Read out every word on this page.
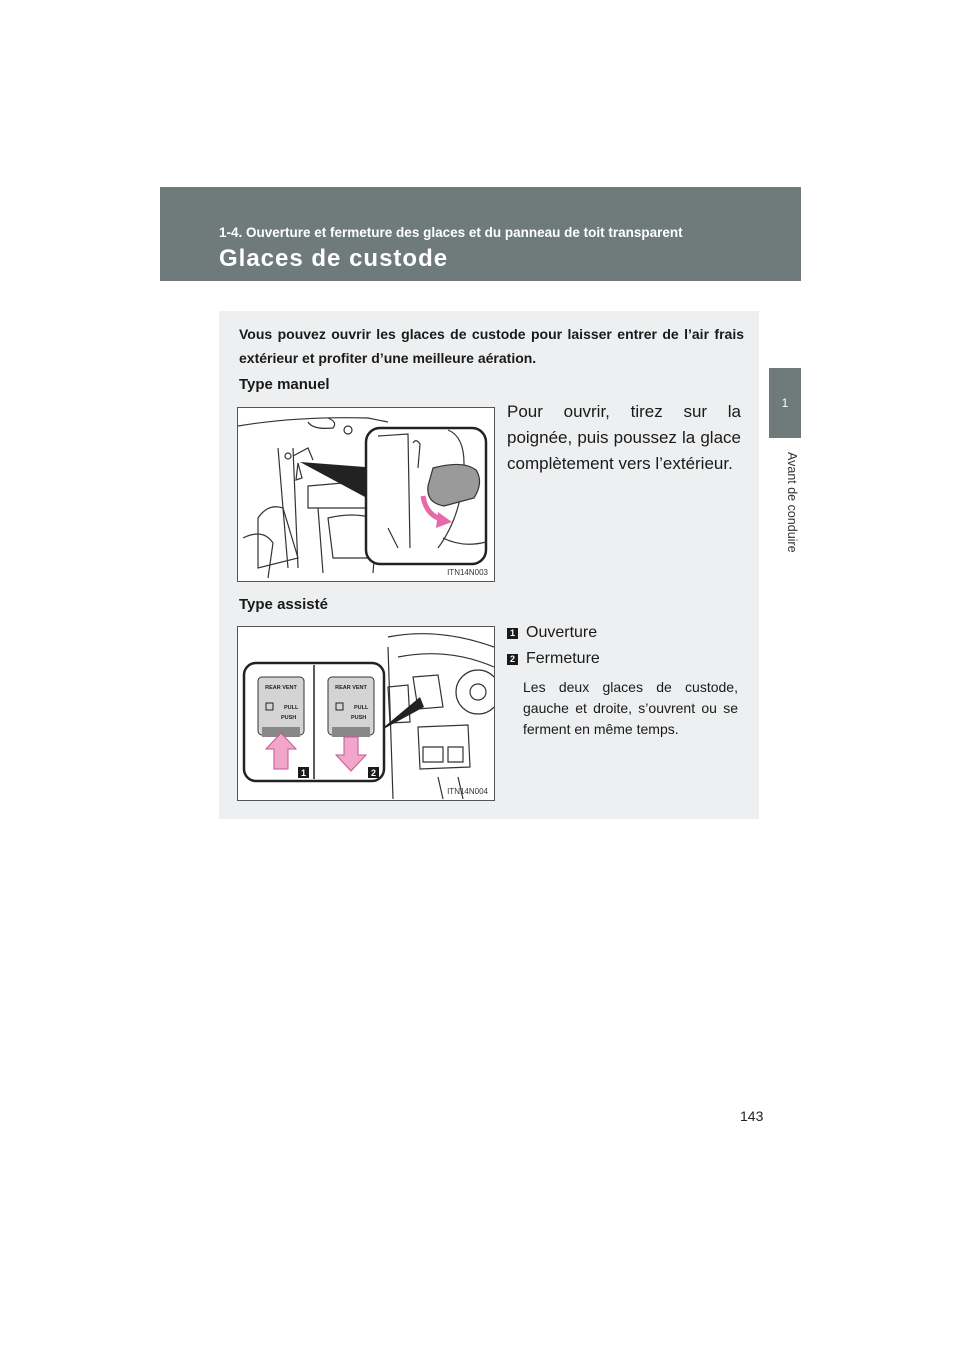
1-4. Ouverture et fermeture des glaces et du panneau de toit transparent
Glaces de custode
1
Avant de conduire

Vous pouvez ouvrir les glaces de custode pour laisser entrer de l’air frais extérieur et profiter d’une meilleure aération.

Type manuel
ITN14N003

Pour ouvrir, tirez sur la poignée, puis poussez la glace complètement vers l’extérieur.

Type assisté
REAR VENT	REAR VENT
PULL
PUSH
PULL
PUSH
1	2
ITN14N004
1 Ouverture
2 Fermeture

Les deux glaces de custode, gauche et droite, s’ouvrent ou se ferment en même temps.

143
